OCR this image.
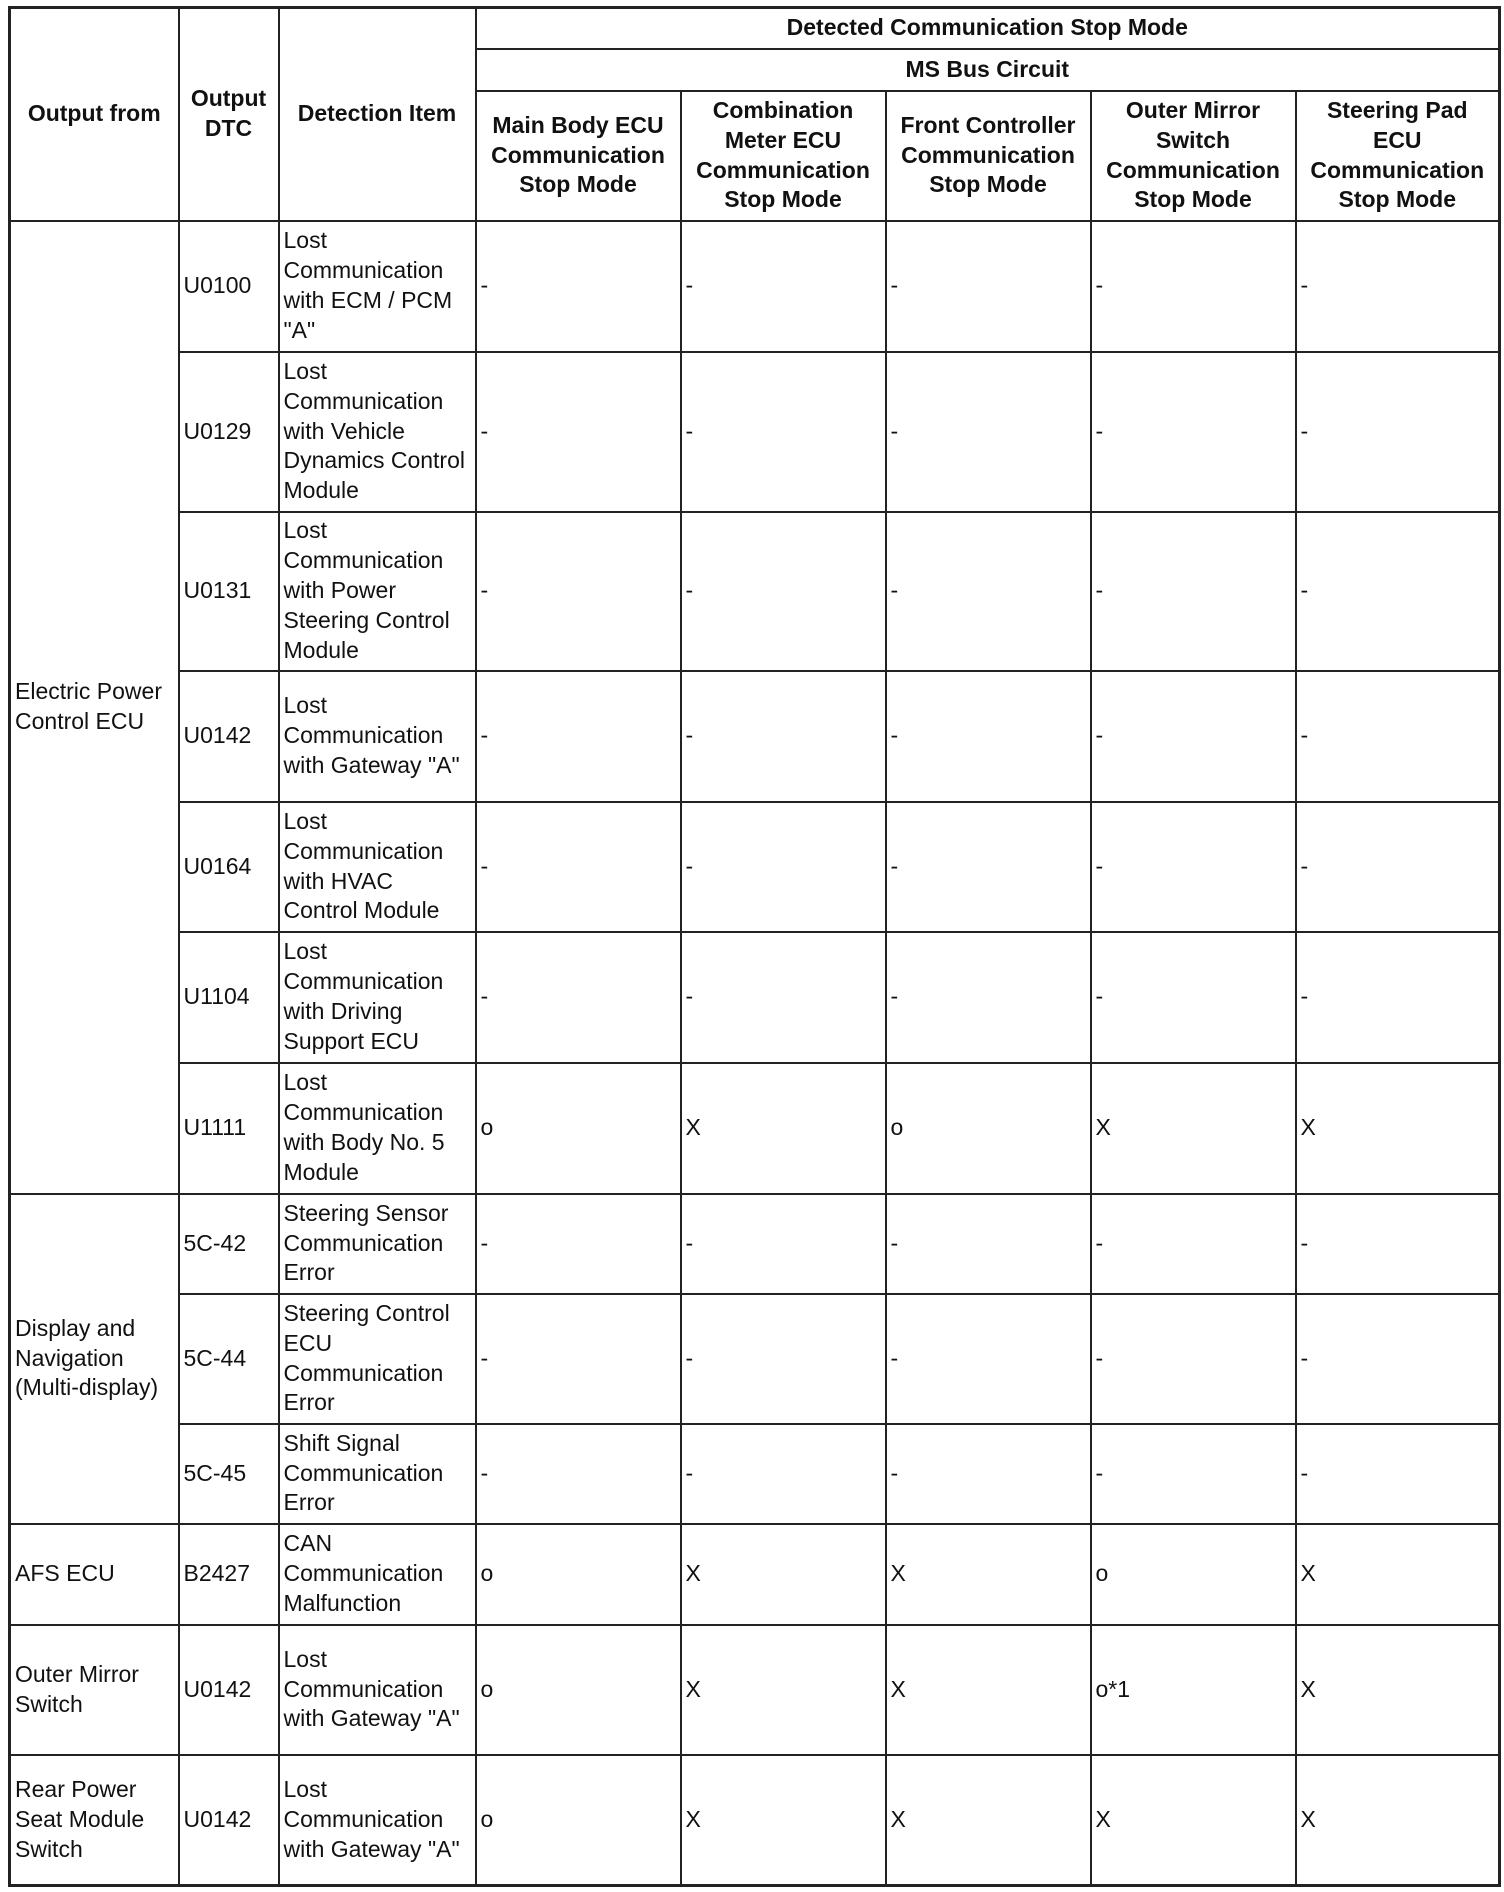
Output from	Output DTC	Detection Item	Detected Communication Stop Mode				
			MS Bus Circuit				
			Main Body ECU Communication Stop Mode	Combination Meter ECU Communication Stop Mode	Front Controller Communication Stop Mode	Outer Mirror Switch Communication Stop Mode	Steering Pad ECU Communication Stop Mode
Electric Power Control ECU	U0100	Lost Communication with ECM / PCM "A"	-	-	-	-	-
	U0129	Lost Communication with Vehicle Dynamics Control Module	-	-	-	-	-
	U0131	Lost Communication with Power Steering Control Module	-	-	-	-	-
	U0142	Lost Communication with Gateway "A"	-	-	-	-	-
	U0164	Lost Communication with HVAC Control Module	-	-	-	-	-
	U1104	Lost Communication with Driving Support ECU	-	-	-	-	-
	U1111	Lost Communication with Body No. 5 Module	o	X	o	X	X
Display and Navigation (Multi-display)	5C-42	Steering Sensor Communication Error	-	-	-	-	-
	5C-44	Steering Control ECU Communication Error	-	-	-	-	-
	5C-45	Shift Signal Communication Error	-	-	-	-	-
AFS ECU	B2427	CAN Communication Malfunction	o	X	X	o	X
Outer Mirror Switch	U0142	Lost Communication with Gateway "A"	o	X	X	o*1	X
Rear Power Seat Module Switch	U0142	Lost Communication with Gateway "A"	o	X	X	X	X
